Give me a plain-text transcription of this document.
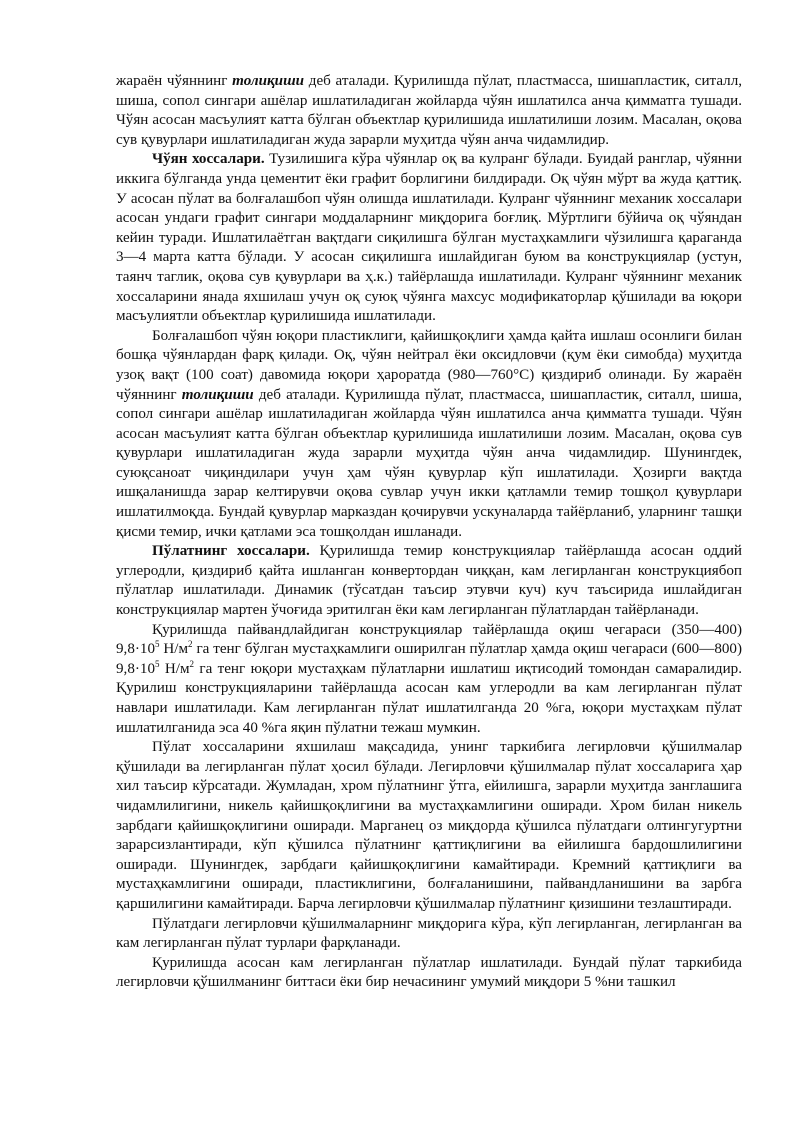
жараён чўяннинг толиқиши деб аталади. Қурилишда пўлат, пластмасса, шишапластик, ситалл, шиша, сопол сингари ашёлар ишлатиладиган жойларда чўян ишлатилса анча қимматга тушади. Чўян асосан масъулият катта бўлган объектлар қурилишида ишлатилиши лозим. Масалан, оқова сув қувурлари ишлатиладиган жуда зарарли муҳитда чўян анча чидамлидир.

Чўян хоссалари. Тузилишига кўра чўянлар оқ ва кулранг бўлади. Буидай ранглар, чўянни иккига бўлганда унда цементит ёки графит борлигини билдиради. Оқ чўян мўрт ва жуда қаттиқ. У асосан пўлат ва болғалашбоп чўян олишда ишлатилади. Кулранг чўяннинг механик хоссалари асосан ундаги графит сингари моддаларнинг миқдорига боғлиқ. Мўртлиги бўйича оқ чўяндан кейин туради. Ишлатилаётган вақтдаги сиқилишга бўлган мустаҳкамлиги чўзилишга қараганда 3—4 марта катта бўлади. У асосан сиқилишга ишлайдиган буюм ва конструкциялар (устун, таянч таглик, оқова сув қувурлари ва ҳ.к.) тайёрлашда ишлатилади. Кулранг чўяннинг механик хоссаларини янада яхшилаш учун оқ суюқ чўянга махсус модификаторлар қўшилади ва юқори масъулиятли объектлар қурилишида ишлатилади.

Болғалашбоп чўян юқори пластиклиги, қайишқоқлиги ҳамда қайта ишлаш осонлиги билан бошқа чўянлардан фарқ қилади. Оқ, чўян нейтрал ёки оксидловчи (қум ёки симобда) муҳитда узоқ вақт (100 соат) давомида юқори ҳароратда (980—760°С) қиздириб олинади. Бу жараён чўяннинг толиқиши деб аталади. Қурилишда пўлат, пластмасса, шишапластик, ситалл, шиша, сопол сингари ашёлар ишлатиладиган жойларда чўян ишлатилса анча қимматга тушади. Чўян асосан масъулият катта бўлган объектлар қурилишида ишлатилиши лозим. Масалан, оқова сув қувурлари ишлатиладиган жуда зарарли муҳитда чўян анча чидамлидир. Шунингдек, суюқсаноат чиқиндилари учун ҳам чўян қувурлар кўп ишлатилади. Ҳозирги вақтда ишқаланишда зарар келтирувчи оқова сувлар учун икки қатламли темир тошқол қувурлари ишлатилмоқда. Бундай қувурлар марказдан қочирувчи ускуналарда тайёрланиб, уларнинг ташқи қисми темир, ички қатлами эса тошқолдан ишланади.

Пўлатнинг хоссалари. Қурилишда темир конструкциялар тайёрлашда асосан оддий углеродли, қиздириб қайта ишланган конвертордан чиққан, кам легирланган конструкциябоп пўлатлар ишлатилади. Динамик (тўсатдан таъсир этувчи куч) куч таъсирида ишлайдиган конструкциялар мартен ўчоғида эритилган ёки кам легирланган пўлатлардан тайёрланади.

Қурилишда пайвандлайдиган конструкциялар тайёрлашда оқиш чегараси (350—400) $9,8\cdot 10^5$ $Н/м^2$ га тенг бўлган мустаҳкамлиги оширилган пўлатлар ҳамда оқиш чегараси (600—800) $9,8\cdot 10^5$ $Н/м^2$ га тенг юқори мустаҳкам пўлатларни ишлатиш иқтисодий томондан самаралидир. Қурилиш конструкцияларини тайёрлашда асосан кам углеродли ва кам легирланган пўлат навлари ишлатилади. Кам легирланган пўлат ишлатилганда 20 %га, юқори мустаҳкам пўлат ишлатилганида эса 40 %га яқин пўлатни тежаш мумкин.

Пўлат хоссаларини яхшилаш мақсадида, унинг таркибига легирловчи қўшилмалар қўшилади ва легирланган пўлат ҳосил бўлади. Легирловчи қўшилмалар пўлат хоссаларига ҳар хил таъсир кўрсатади. Жумладан, хром пўлатнинг ўтга, ейилишга, зарарли муҳитда занглашига чидамлилигини, никель қайишқоқлигини ва мустаҳкамлигини оширади. Хром билан никель зарбдаги қайишқоқлигини оширади. Марганец оз миқдорда қўшилса пўлатдаги олтингугуртни зарарсизлантиради, кўп қўшилса пўлатнинг қаттиқлигини ва ейилишга бардошлилигини оширади. Шунингдек, зарбдаги қайишқоқлигини камайтиради. Кремний қаттиқлиги ва мустаҳкамлигини оширади, пластиклигини, болғаланишини, пайвандланишини ва зарбга қаршилигини камайтиради. Барча легирловчи қўшилмалар пўлатнинг қизишини тезлаштиради.

Пўлатдаги легирловчи қўшилмаларнинг миқдорига кўра, кўп легирланган, легирланган ва кам легирланган пўлат турлари фарқланади.

Қурилишда асосан кам легирланган пўлатлар ишлатилади. Бундай пўлат таркибида легирловчи қўшилманинг биттаси ёки бир нечасининг умумий миқдори 5 %ни ташкил
